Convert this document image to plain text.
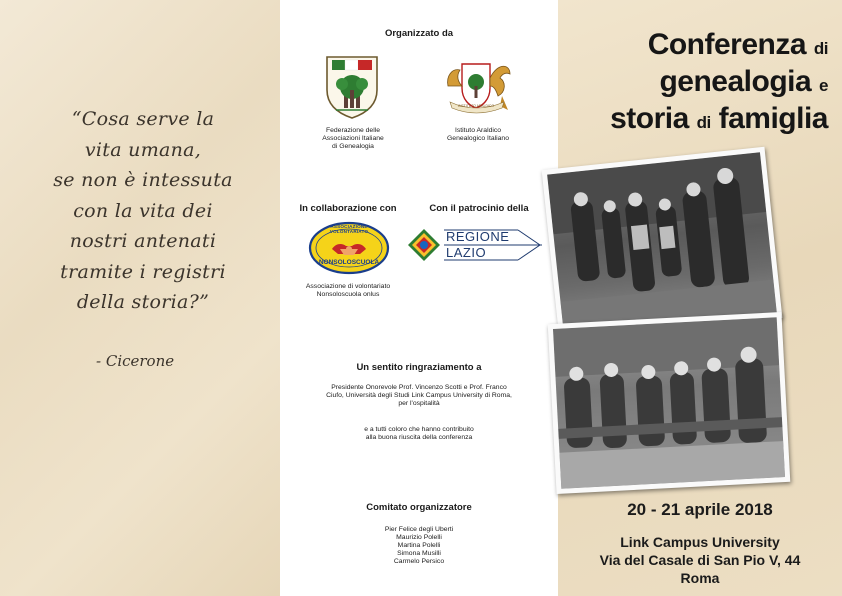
“Cosa serve la
vita umana,
se non è intessuta
con la vita dei
nostri antenati
tramite i registri
della storia?”
- Cicerone
Organizzato da
Federazione delle
Associazioni Italiane
di Genealogia
INSTITUTO ARALDICO
Istituto Araldico
Genealogico Italiano
In collaborazione con	Con il patrocinio della
ASSOCIAZIONE VOLONTARIATO
NONSOLOSCUOLA
Associazione di volontariato
Nonsoloscuola onlus
REGIONE
LAZIO
Un sentito ringraziamento a
Presidente Onorevole Prof. Vincenzo Scotti e Prof. Franco
Ciufo, Università degli Studi Link Campus University di Roma,
per l'ospitalità
e a tutti coloro che hanno contribuito
alla buona riuscita della conferenza
Comitato organizzatore
Pier Felice degli Uberti
Maurizio Polelli
Martina Polelli
Simona Musilli
Carmelo Persico
Conferenza di
genealogia e
storia di famiglia
20 - 21 aprile 2018
Link Campus University
Via del Casale di San Pio V, 44
Roma
